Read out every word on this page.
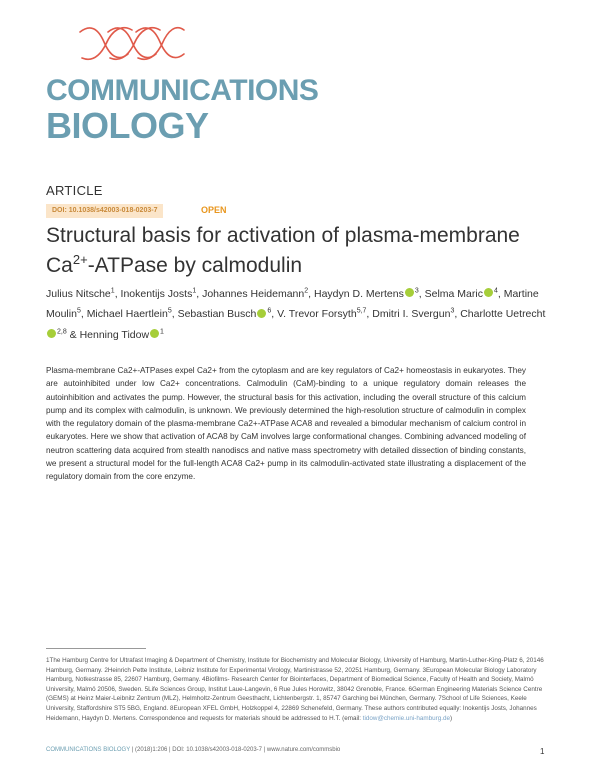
COMMUNICATIONS
BIOLOGY
ARTICLE
DOI: 10.1038/s42003-018-0203-7	OPEN
Structural basis for activation of plasma-membrane $Ca^{2+}$-ATPase by calmodulin
Julius Nitsche$^1$, Inokentijs Josts$^1$, Johannes Heidemann$^2$, Haydyn D. Mertens $^3$, Selma Maric $^4$, Martine Moulin$^5$, Michael Haertlein$^5$, Sebastian Busch $^6$, V. Trevor Forsyth$^{5,7}$, Dmitri I. Svergun$^3$, Charlotte Uetrecht$^{2,8}$ & Henning Tidow $^1$
Plasma-membrane Ca2+-ATPases expel Ca2+ from the cytoplasm and are key regulators of Ca2+ homeostasis in eukaryotes. They are autoinhibited under low Ca2+ concentrations. Calmodulin (CaM)-binding to a unique regulatory domain releases the autoinhibition and activates the pump. However, the structural basis for this activation, including the overall structure of this calcium pump and its complex with calmodulin, is unknown. We previously determined the high-resolution structure of calmodulin in complex with the regulatory domain of the plasma-membrane Ca2+-ATPase ACA8 and revealed a bimodular mechanism of calcium control in eukaryotes. Here we show that activation of ACA8 by CaM involves large conformational changes. Combining advanced modeling of neutron scattering data acquired from stealth nanodiscs and native mass spectrometry with detailed dissection of binding constants, we present a structural model for the full-length ACA8 Ca2+ pump in its calmodulin-activated state illustrating a displacement of the regulatory domain from the core enzyme.
1The Hamburg Centre for Ultrafast Imaging & Department of Chemistry, Institute for Biochemistry and Molecular Biology, University of Hamburg, Martin-Luther-King-Platz 6, 20146 Hamburg, Germany. 2Heinrich Pette Institute, Leibniz Institute for Experimental Virology, Martinistrasse 52, 20251 Hamburg, Germany. 3European Molecular Biology Laboratory Hamburg, Notkestrasse 85, 22607 Hamburg, Germany. 4Biofilms- Research Center for Biointerfaces, Department of Biomedical Science, Faculty of Health and Society, Malmö University, Malmö 20506, Sweden. 5Life Sciences Group, Institut Laue-Langevin, 6 Rue Jules Horowitz, 38042 Grenoble, France. 6German Engineering Materials Science Centre (GEMS) at Heinz Maier-Leibnitz Zentrum (MLZ), Helmholtz-Zentrum Geesthacht, Lichtenbergstr. 1, 85747 Garching bei München, Germany. 7School of Life Sciences, Keele University, Staffordshire ST5 5BG, England. 8European XFEL GmbH, Holzkoppel 4, 22869 Schenefeld, Germany. These authors contributed equally: Inokentijs Josts, Johannes Heidemann, Haydyn D. Mertens. Correspondence and requests for materials should be addressed to H.T. (email: tidow@chemie.uni-hamburg.de)
COMMUNICATIONS BIOLOGY | (2018)1:206 | DOI: 10.1038/s42003-018-0203-7 | www.nature.com/commsbio	1
